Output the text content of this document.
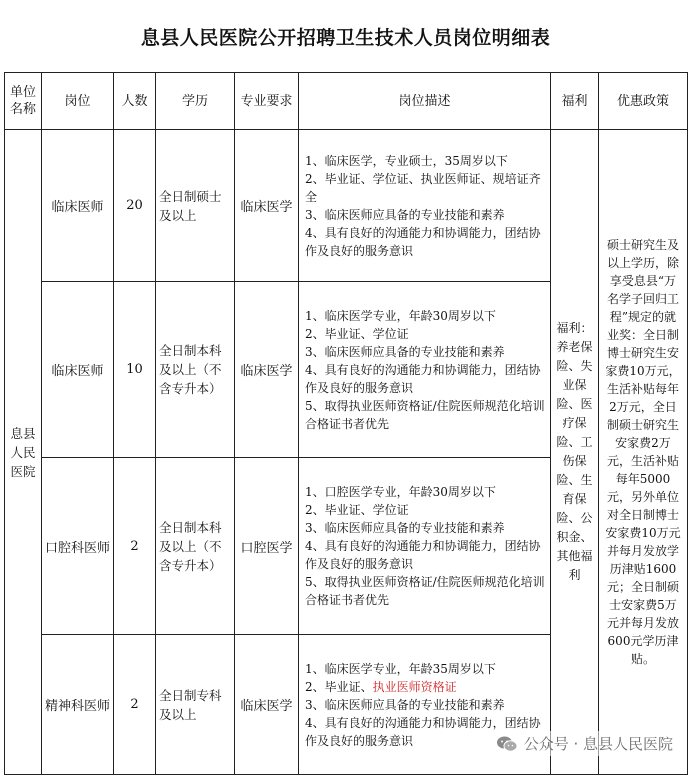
息县人民医院公开招聘卫生技术人员岗位明细表
单位名称	岗位	人数	学历	专业要求	岗位描述	福利	优惠政策
息县人民医院	临床医师	20	全日制硕士及以上	临床医学	1、临床医学，专业硕士，35周岁以下
2、毕业证、学位证、执业医师证、规培证齐全
3、临床医师应具备的专业技能和素养
4、具有良好的沟通能力和协调能力，团结协作及良好的服务意识	福利：养老保险、失业保险、医疗保险、工伤保险、生育保险、公积金、其他福利	硕士研究生及以上学历，除享受息县“万名学子回归工程”规定的就业奖：全日制博士研究生安家费10万元，生活补贴每年2万元，全日制硕士研究生安家费2万元，生活补贴每年5000元，另外单位对全日制博士安家费10万元并每月发放学历津贴1600元；全日制硕士安家费5万元并每月发放600元学历津贴。
	临床医师	10	全日制本科及以上（不含专升本）	临床医学	1、临床医学专业，年龄30周岁以下
2、毕业证、学位证
3、临床医师应具备的专业技能和素养
4、具有良好的沟通能力和协调能力，团结协作及良好的服务意识
5、取得执业医师资格证/住院医师规范化培训合格证书者优先		

	口腔科医师	2	全日制本科及以上（不含专升本）	口腔医学	1、口腔医学专业，年龄30周岁以下
2、毕业证、学位证
3、临床医师应具备的专业技能和素养
4、具有良好的沟通能力和协调能力，团结协作及良好的服务意识
5、取得执业医师资格证/住院医师规范化培训合格证书者优先		

	精神科医师	2	全日制专科及以上	临床医学	1、临床医学专业，年龄35周岁以下
2、毕业证、执业医师资格证
3、临床医师应具备的专业技能和素养
4、具有良好的沟通能力和协调能力，团结协作及良好的服务意识			公众号 · 息县人民医院
